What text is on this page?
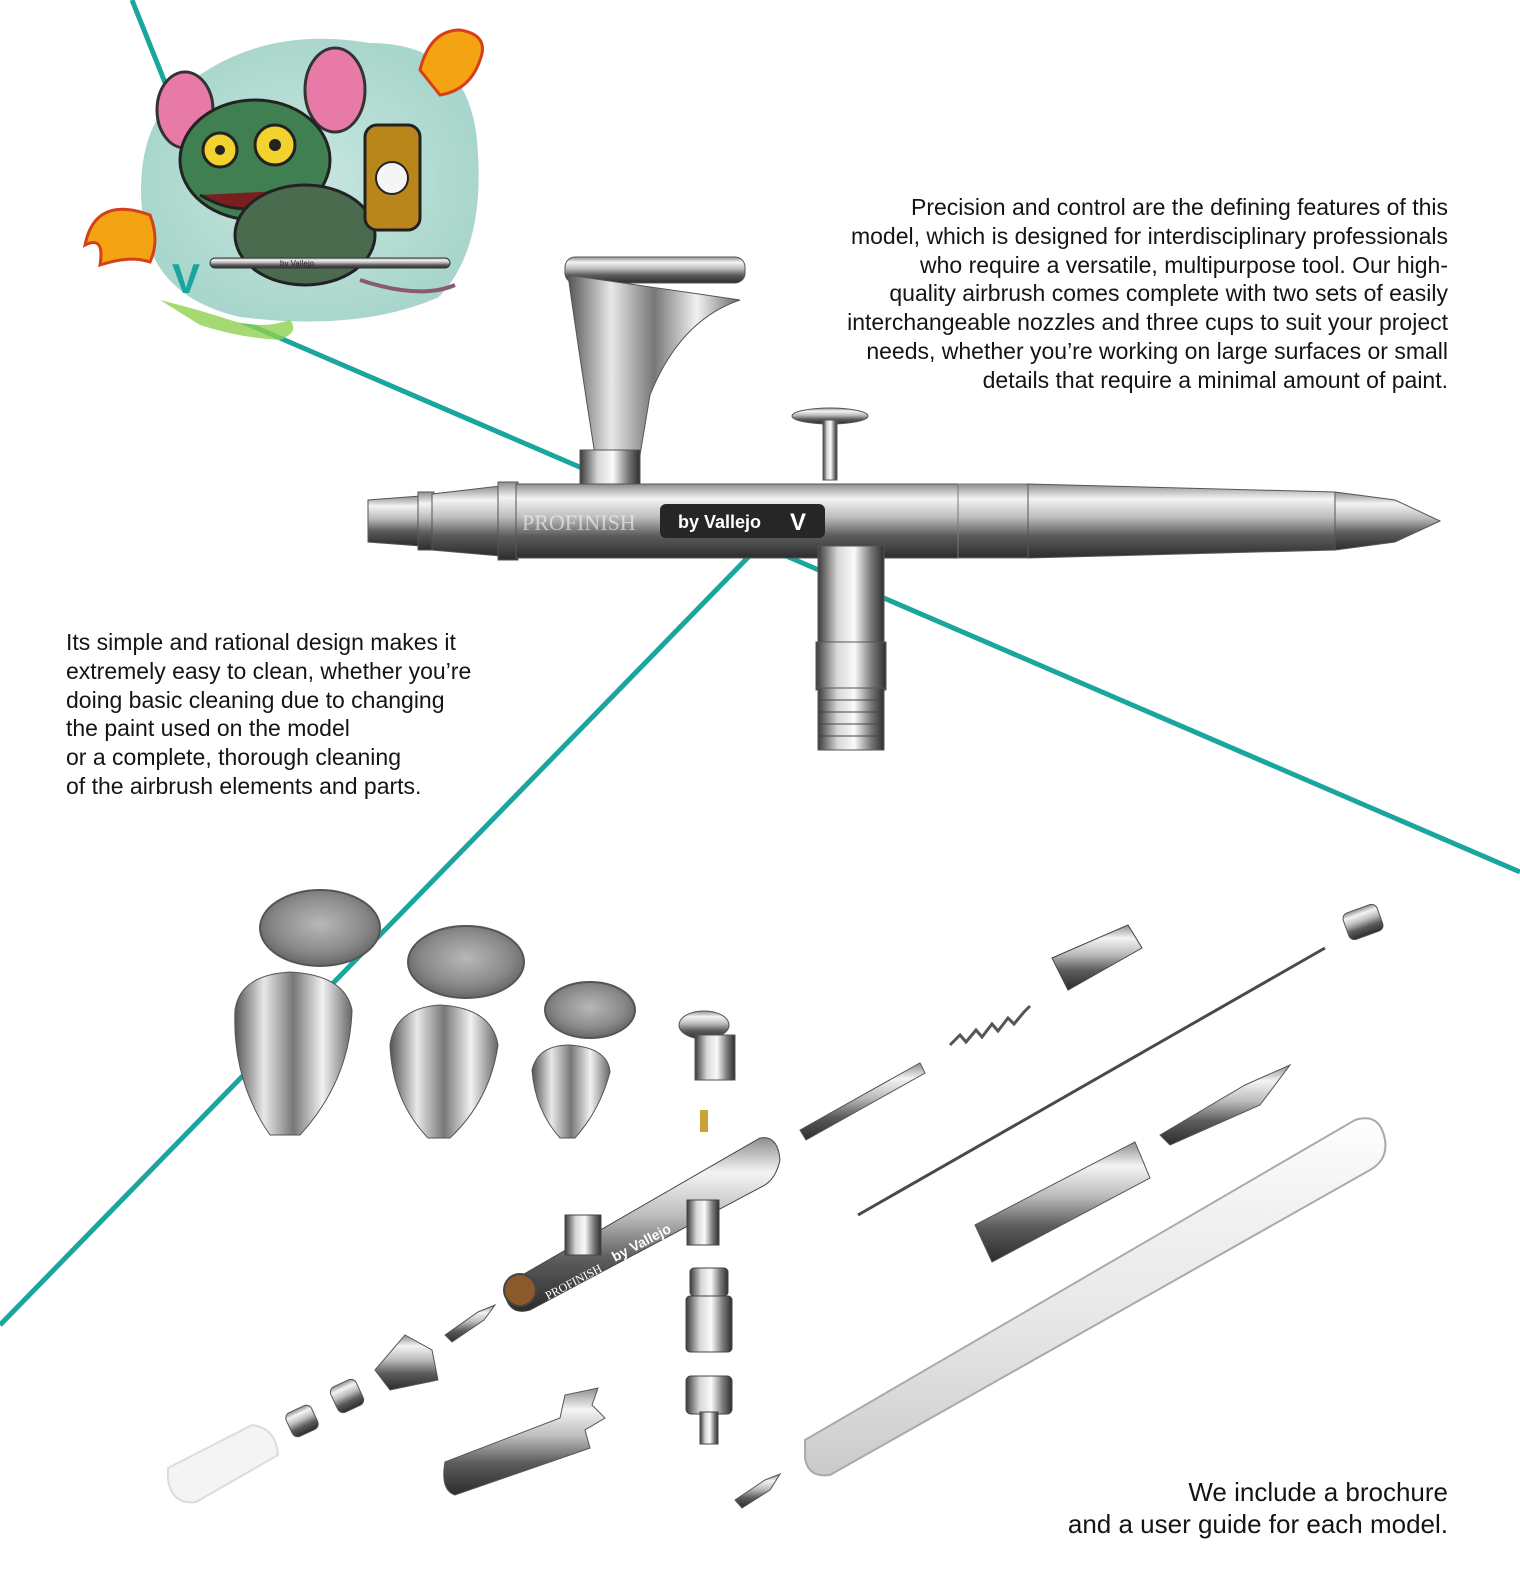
V	by Vallejo
PROFINISH by Vallejo V
by Vallejo
PROFINISH

Precision and control are the defining features of this

model, which is designed for interdisciplinary professionals

who require a versatile, multipurpose tool. Our high-

quality airbrush comes complete with two sets of easily

interchangeable nozzles and three cups to suit your project

needs, whether you’re working on large surfaces or small

details that require a minimal amount of paint.

Its simple and rational design makes it

extremely easy to clean, whether you’re

doing basic cleaning due to changing

the paint used on the model

or a complete, thorough cleaning

of the airbrush elements and parts.

We include a brochure

and a user guide for each model.
